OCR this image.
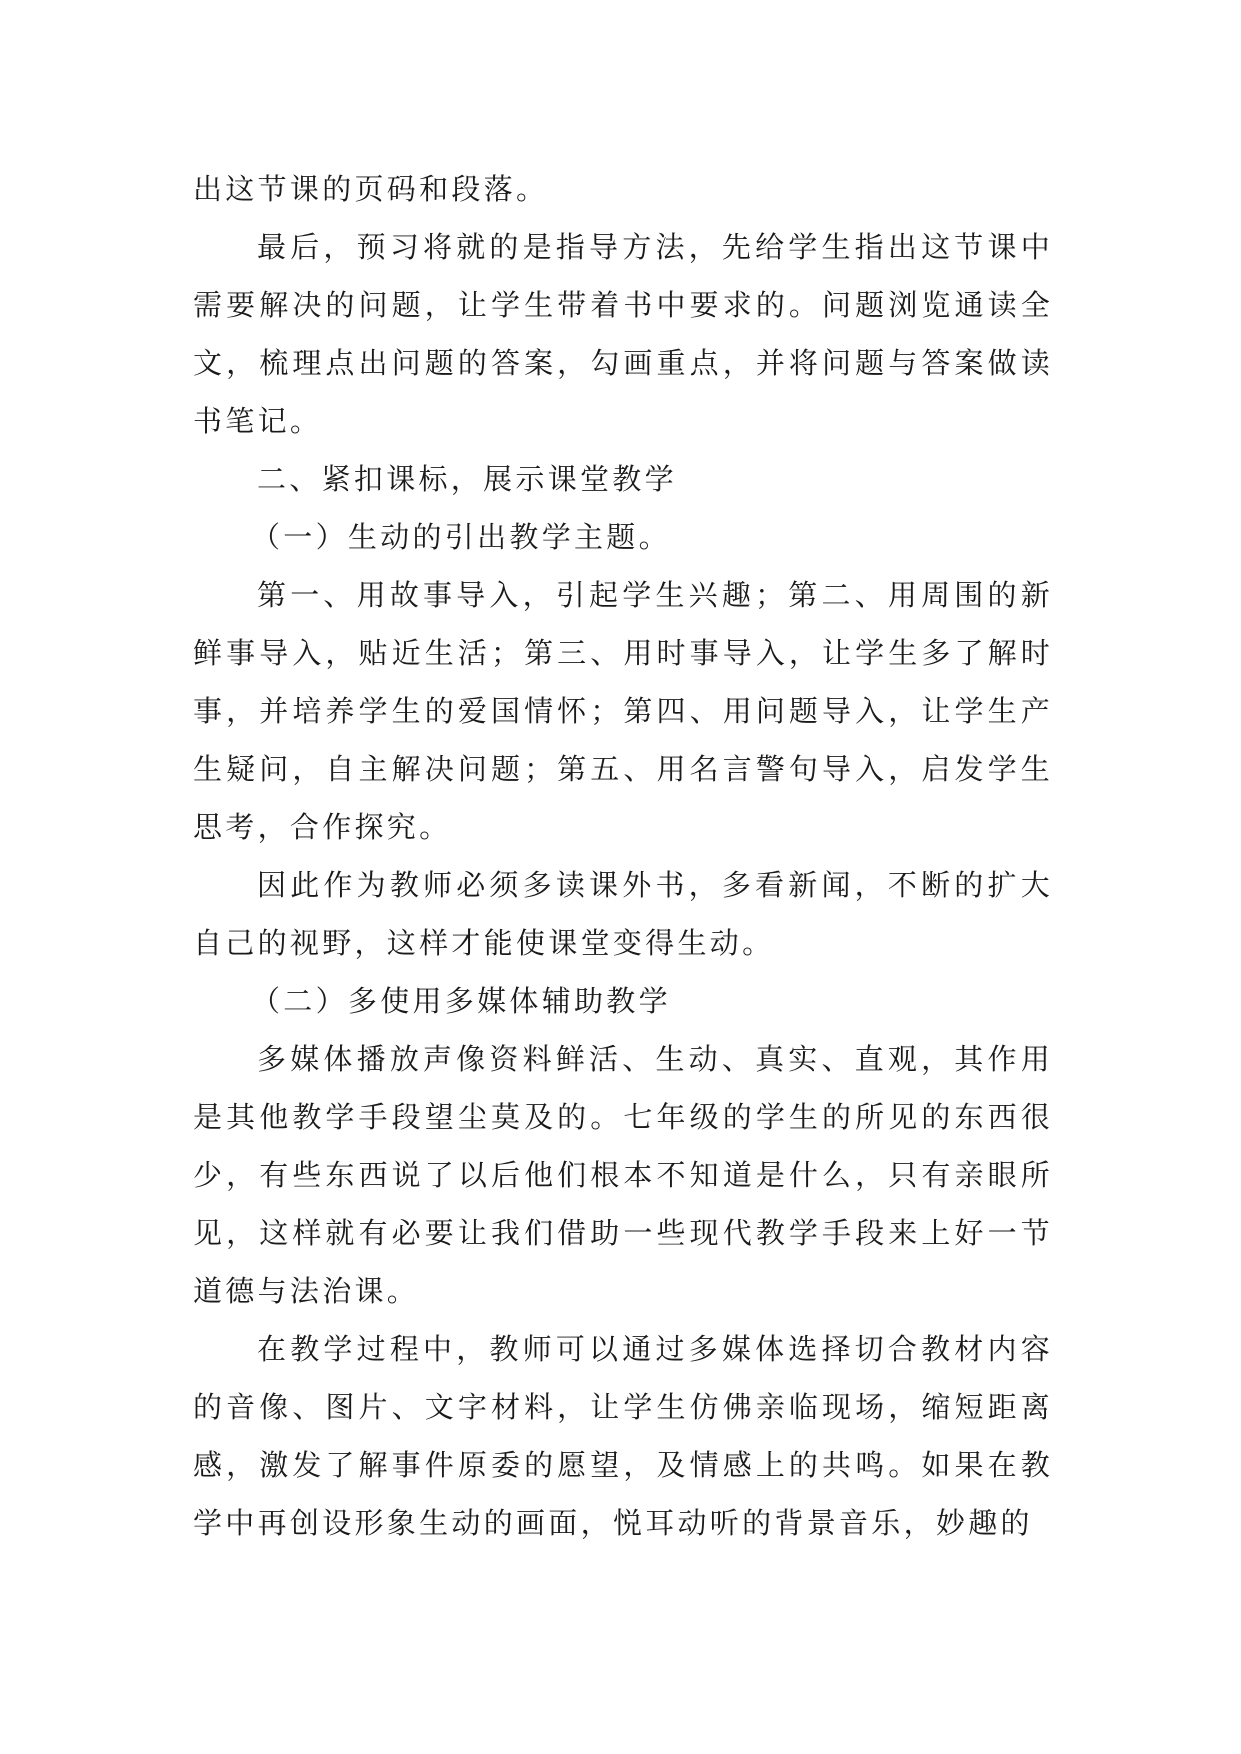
出这节课的页码和段落。

最后，预习将就的是指导方法，先给学生指出这节课中需要解决的问题，让学生带着书中要求的。问题浏览通读全文，梳理点出问题的答案，勾画重点，并将问题与答案做读书笔记。

二、紧扣课标，展示课堂教学

（一）生动的引出教学主题。

第一、用故事导入，引起学生兴趣；第二、用周围的新鲜事导入，贴近生活；第三、用时事导入，让学生多了解时事，并培养学生的爱国情怀；第四、用问题导入，让学生产生疑问，自主解决问题；第五、用名言警句导入，启发学生思考，合作探究。

因此作为教师必须多读课外书，多看新闻，不断的扩大自己的视野，这样才能使课堂变得生动。

（二）多使用多媒体辅助教学

多媒体播放声像资料鲜活、生动、真实、直观，其作用是其他教学手段望尘莫及的。七年级的学生的所见的东西很少，有些东西说了以后他们根本不知道是什么，只有亲眼所见，这样就有必要让我们借助一些现代教学手段来上好一节道德与法治课。

在教学过程中，教师可以通过多媒体选择切合教材内容的音像、图片、文字材料，让学生仿佛亲临现场，缩短距离感，激发了解事件原委的愿望，及情感上的共鸣。如果在教学中再创设形象生动的画面，悦耳动听的背景音乐，妙趣的
